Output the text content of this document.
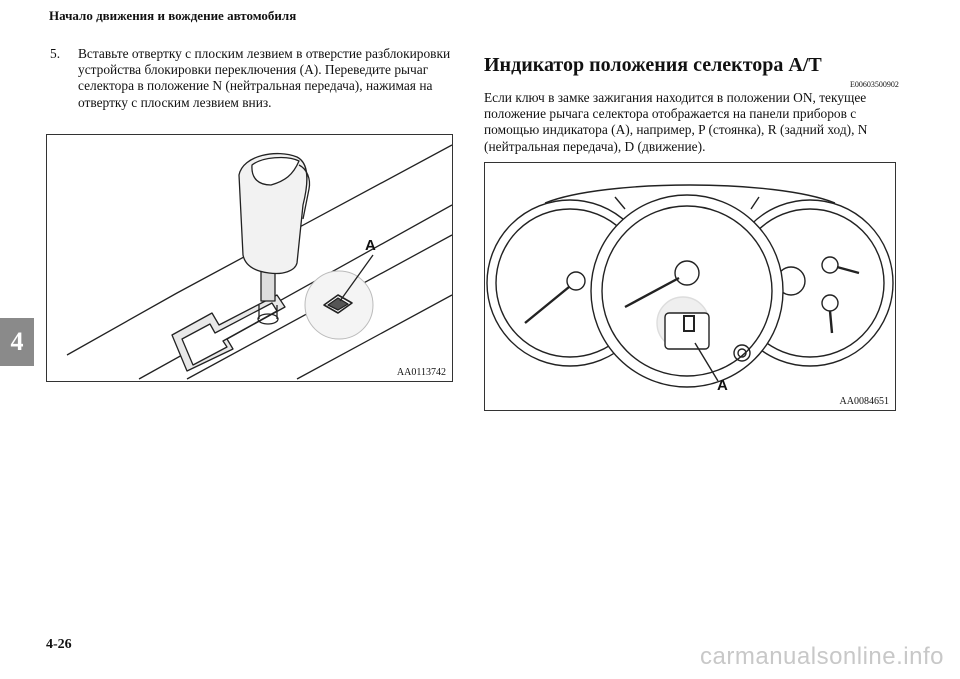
Начало движения и вождение автомобиля
4
5. Вставьте отвертку с плоским лезвием в отверстие разблокировки устройства блокировки переключения (A). Переведите рычаг селектора в положение N (нейтральная передача), нажимая на отвертку с плоским лезвием вниз.
A
AA0113742
Индикатор положения селектора A/T
E00603500902
Если ключ в замке зажигания находится в положении ON, текущее положение рычага селектора отображается на панели приборов с помощью индикатора (A), например, P (стоянка), R (задний ход), N (нейтральная передача), D (движение).
A
AA0084651
4-26	carmanualsonline.info
